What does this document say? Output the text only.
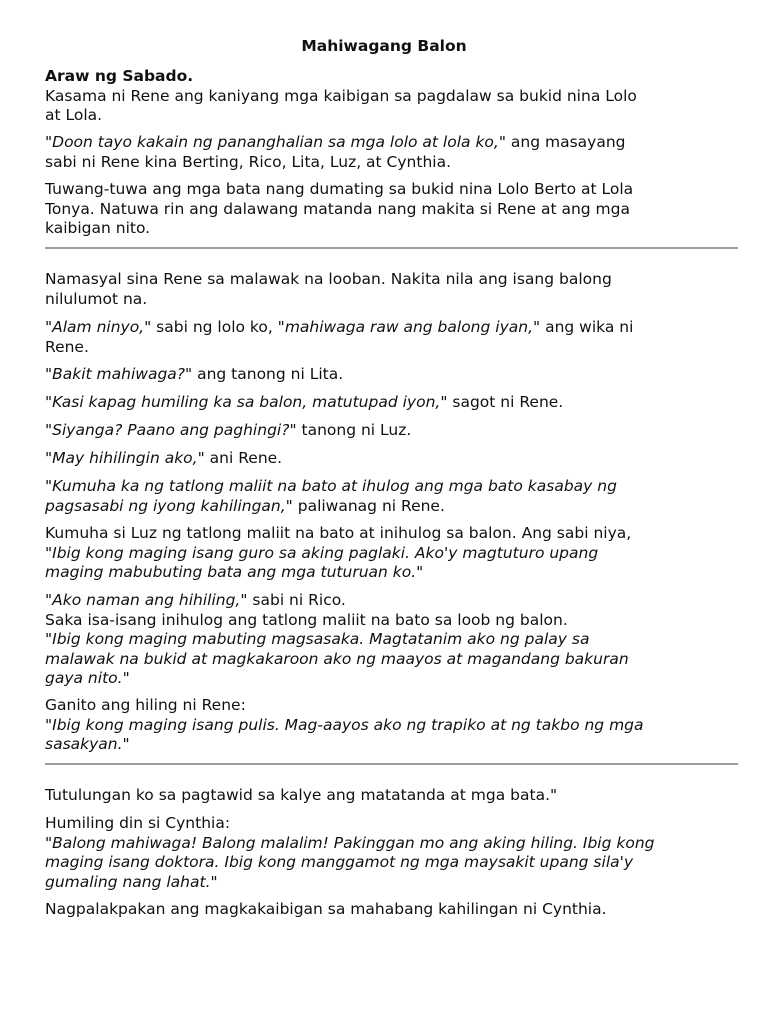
Mahiwagang Balon
Araw ng Sabado.
Kasama ni Rene ang kaniyang mga kaibigan sa pagdalaw sa bukid nina Lolo
at Lola.
"Doon tayo kakain ng pananghalian sa mga lolo at lola ko," ang masayang
sabi ni Rene kina Berting, Rico, Lita, Luz, at Cynthia.
Tuwang-tuwa ang mga bata nang dumating sa bukid nina Lolo Berto at Lola
Tonya. Natuwa rin ang dalawang matanda nang makita si Rene at ang mga
kaibigan nito.
Namasyal sina Rene sa malawak na looban. Nakita nila ang isang balong
nilulumot na.
"Alam ninyo," sabi ng lolo ko, "mahiwaga raw ang balong iyan," ang wika ni
Rene.
"Bakit mahiwaga?" ang tanong ni Lita.
"Kasi kapag humiling ka sa balon, matutupad iyon," sagot ni Rene.
"Siyanga? Paano ang paghingi?" tanong ni Luz.
"May hihilingin ako," ani Rene.
"Kumuha ka ng tatlong maliit na bato at ihulog ang mga bato kasabay ng
pagsasabi ng iyong kahilingan," paliwanag ni Rene.
Kumuha si Luz ng tatlong maliit na bato at inihulog sa balon. Ang sabi niya,
"Ibig kong maging isang guro sa aking paglaki. Ako'y magtuturo upang
maging mabubuting bata ang mga tuturuan ko."
"Ako naman ang hihiling," sabi ni Rico.
Saka isa-isang inihulog ang tatlong maliit na bato sa loob ng balon.
"Ibig kong maging mabuting magsasaka. Magtatanim ako ng palay sa
malawak na bukid at magkakaroon ako ng maayos at magandang bakuran
gaya nito."
Ganito ang hiling ni Rene:
"Ibig kong maging isang pulis. Mag-aayos ako ng trapiko at ng takbo ng mga
sasakyan."
Tutulungan ko sa pagtawid sa kalye ang matatanda at mga bata."
Humiling din si Cynthia:
"Balong mahiwaga! Balong malalim! Pakinggan mo ang aking hiling. Ibig kong
maging isang doktora. Ibig kong manggamot ng mga maysakit upang sila'y
gumaling nang lahat."
Nagpalakpakan ang magkakaibigan sa mahabang kahilingan ni Cynthia.
